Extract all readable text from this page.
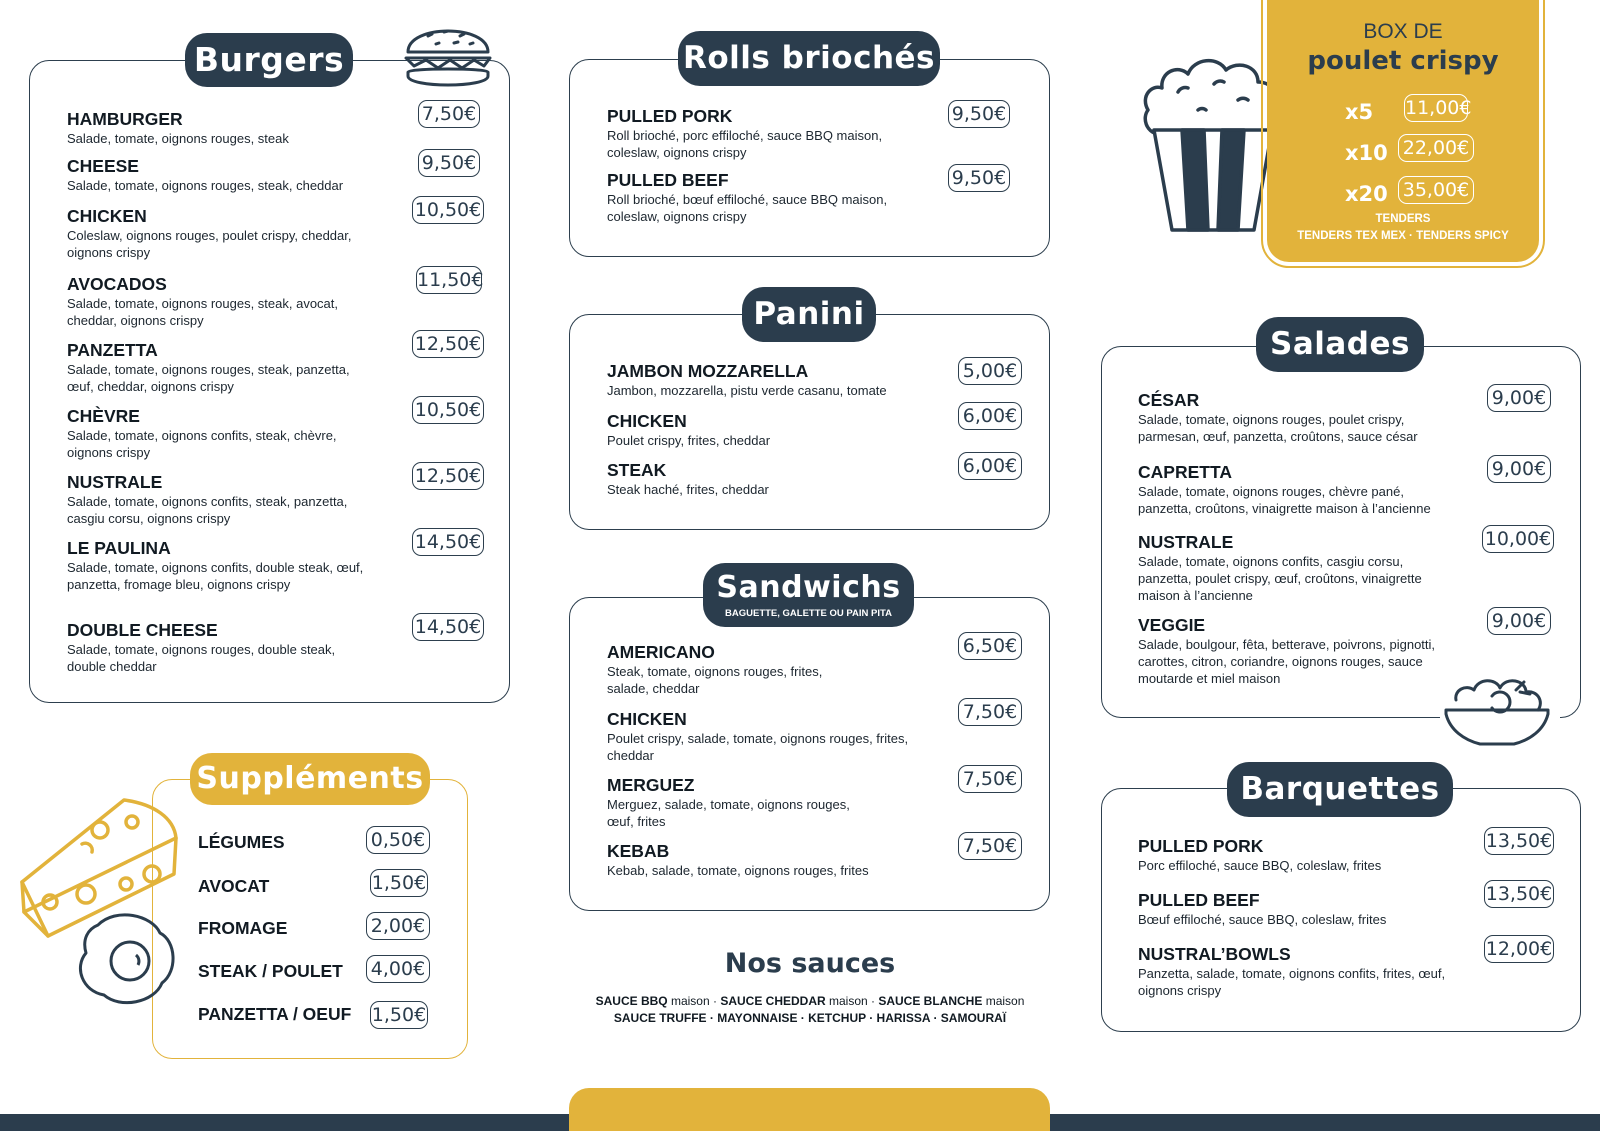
Burgers
HAMBURGER
Salade, tomate, oignons rouges, steak
7,50€
CHEESE
Salade, tomate, oignons rouges, steak, cheddar
9,50€
CHICKEN
Coleslaw, oignons rouges, poulet crispy, cheddar, oignons crispy
10,50€
AVOCADOS
Salade, tomate, oignons rouges, steak, avocat, cheddar, oignons crispy
11,50€
PANZETTA
Salade, tomate, oignons rouges, steak, panzetta, œuf, cheddar, oignons crispy
12,50€
CHÈVRE
Salade, tomate, oignons confits, steak, chèvre, oignons crispy
10,50€
NUSTRALE
Salade, tomate, oignons confits, steak, panzetta, casgiu corsu, oignons crispy
12,50€
LE PAULINA
Salade, tomate, oignons confits, double steak, œuf, panzetta, fromage bleu, oignons crispy
14,50€
DOUBLE CHEESE
Salade, tomate, oignons rouges, double steak, double cheddar
14,50€
Suppléments
LÉGUMES	0,50€
AVOCAT	1,50€
FROMAGE	2,00€
STEAK / POULET 4,00€
PANZETTA / OEUF 1,50€
Rolls briochés
PULLED PORK
Roll brioché, porc effiloché, sauce BBQ maison, coleslaw, oignons crispy
9,50€
PULLED BEEF
Roll brioché, bœuf effiloché, sauce BBQ maison, coleslaw, oignons crispy
9,50€
Panini
JAMBON MOZZARELLA
Jambon, mozzarella, pistu verde casanu, tomate
5,00€
CHICKEN
Poulet crispy, frites, cheddar
6,00€
STEAK
Steak haché, frites, cheddar
6,00€
Sandwichs
BAGUETTE, GALETTE OU PAIN PITA
AMERICANO
Steak, tomate, oignons rouges, frites, salade, cheddar
6,50€
CHICKEN
Poulet crispy, salade, tomate, oignons rouges, frites, cheddar
7,50€
MERGUEZ
Merguez, salade, tomate, oignons rouges, œuf, frites
7,50€
KEBAB
Kebab, salade, tomate, oignons rouges, frites
7,50€
Nos sauces
SAUCE BBQ maison · SAUCE CHEDDAR maison · SAUCE BLANCHE maison
SAUCE TRUFFE · MAYONNAISE · KETCHUP · HARISSA · SAMOURAÏ
BOX DE
poulet crispy
x5 11,00€
x10 22,00€
x20 35,00€
TENDERS
TENDERS TEX MEX · TENDERS SPICY
Salades
CÉSAR
Salade, tomate, oignons rouges, poulet crispy, parmesan, œuf, panzetta, croûtons, sauce césar
9,00€
CAPRETTA
Salade, tomate, oignons rouges, chèvre pané, panzetta, croûtons, vinaigrette maison à l’ancienne
9,00€
NUSTRALE
Salade, tomate, oignons confits, casgiu corsu, panzetta, poulet crispy, œuf, croûtons, vinaigrette maison à l’ancienne
10,00€
VEGGIE
Salade, boulgour, fêta, betterave, poivrons, pignotti, carottes, citron, coriandre, oignons rouges, sauce moutarde et miel maison
9,00€
Barquettes
PULLED PORK
Porc effiloché, sauce BBQ, coleslaw, frites
13,50€
PULLED BEEF
Bœuf effiloché, sauce BBQ, coleslaw, frites
13,50€
NUSTRAL’BOWLS
Panzetta, salade, tomate, oignons confits, frites, œuf, oignons crispy
12,00€
